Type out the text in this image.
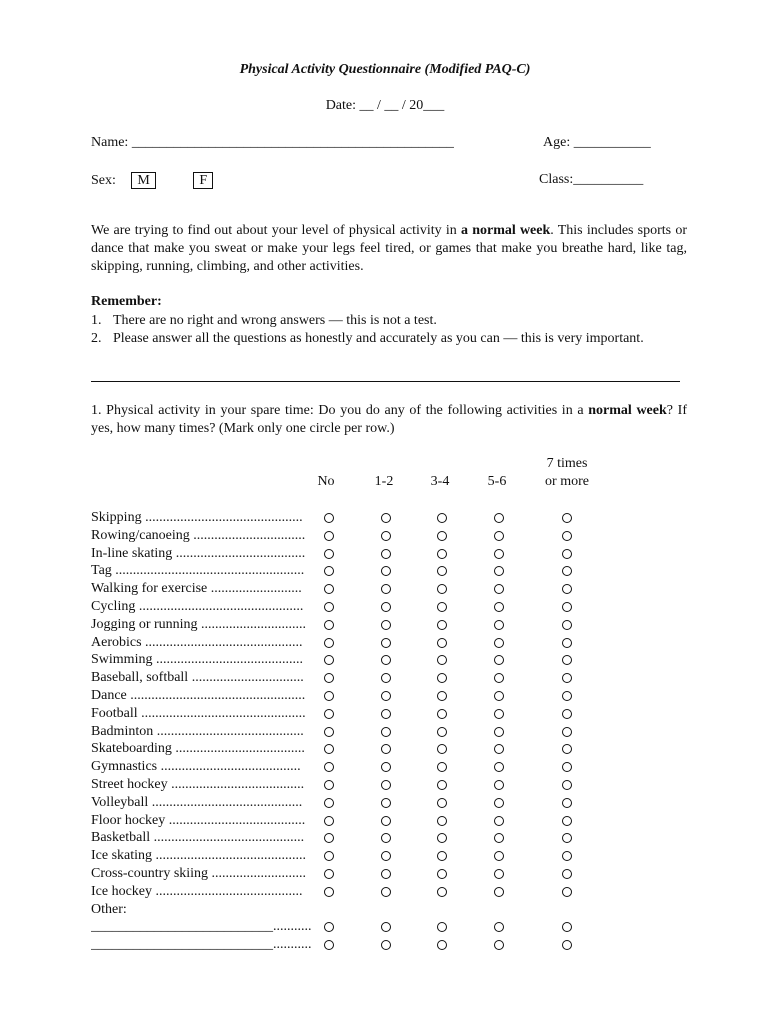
Physical Activity Questionnaire (Modified PAQ-C)
Date: __ / __ / 20___
Name: ______________________________________________	Age: ___________
Sex: M	F	Class:__________
We are trying to find out about your level of physical activity in a normal week. This includes sports or dance that make you sweat or make your legs feel tired, or games that make you breathe hard, like tag, skipping, running, climbing, and other activities.
Remember:
1. There are no right and wrong answers — this is not a test.
2. Please answer all the questions as honestly and accurately as you can — this is very important.
1. Physical activity in your spare time: Do you do any of the following activities in a normal week? If yes, how many times? (Mark only one circle per row.)
No	1-2	3-4	5-6
7 times
or more
Skipping .............................................
Rowing/canoeing ................................
In-line skating .....................................
Tag ......................................................
Walking for exercise ..........................
Cycling ...............................................
Jogging or running ..............................
Aerobics .............................................
Swimming ..........................................
Baseball, softball ................................
Dance ..................................................
Football ...............................................
Badminton ..........................................
Skateboarding .....................................
Gymnastics ........................................
Street hockey ......................................
Volleyball ...........................................
Floor hockey .......................................
Basketball ...........................................
Ice skating ...........................................
Cross-country skiing ...........................
Ice hockey ..........................................
Other:
__________________________...........
__________________________...........
